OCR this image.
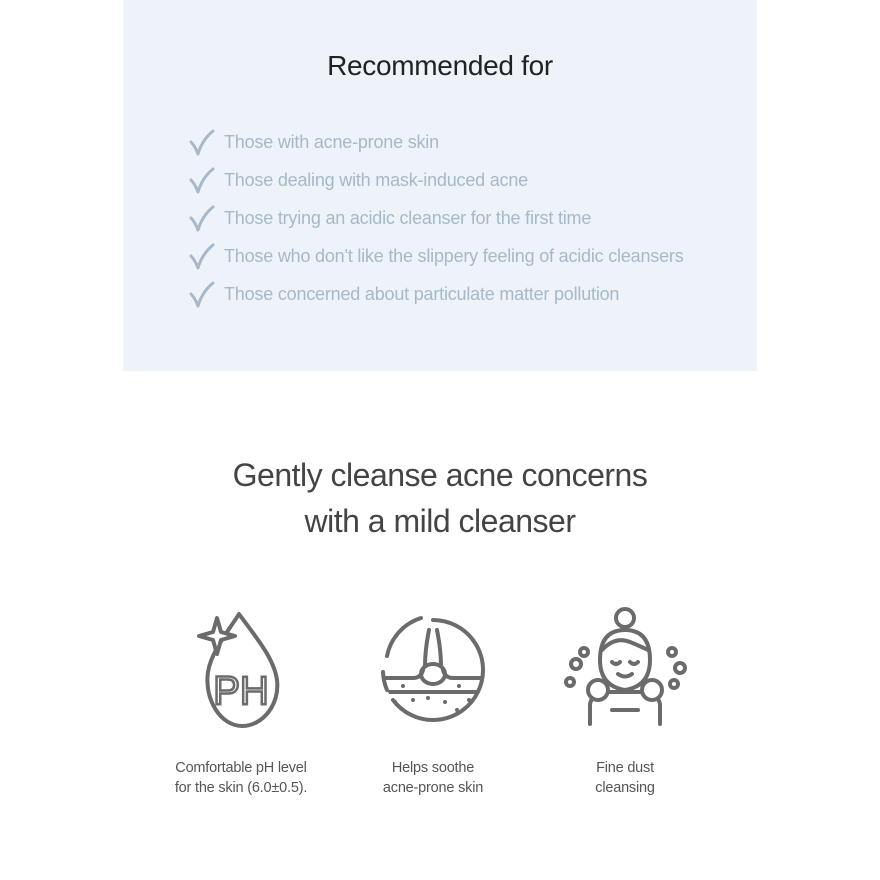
Recommended for
Those with acne-prone skin
Those dealing with mask-induced acne
Those trying an acidic cleanser for the first time
Those who don't like the slippery feeling of acidic cleansers
Those concerned about particulate matter pollution
Gently cleanse acne concerns
with a mild cleanser
PH
Comfortable pH level
for the skin (6.0±0.5).
Helps soothe
acne-prone skin
Fine dust
cleansing
